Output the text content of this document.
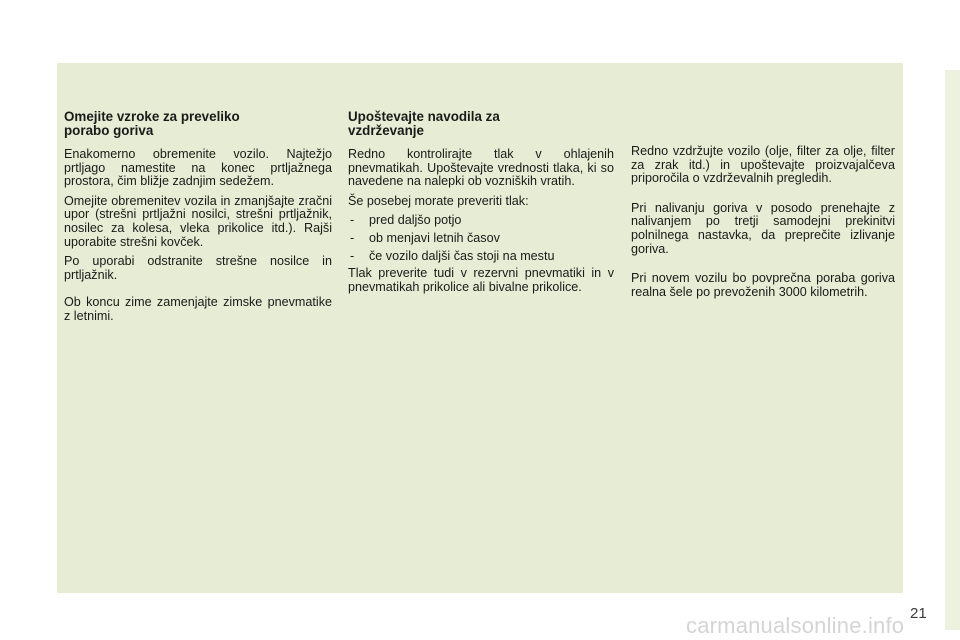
Omejite vzroke za preveliko
porabo goriva

Enakomerno obremenite vozilo. Najtežjo prtljago namestite na konec prtljažnega prostora, čim bližje zadnjim sedežem.

Omejite obremenitev vozila in zmanjšajte zračni upor (strešni prtljažni nosilci, strešni prtljažnik, nosilec za kolesa, vleka prikolice itd.). Rajši uporabite strešni kovček.

Po uporabi odstranite strešne nosilce in prtljažnik.

Ob koncu zime zamenjajte zimske pnevmatike z letnimi.

Upoštevajte navodila za
vzdrževanje

Redno kontrolirajte tlak v ohlajenih pnevmatikah. Upoštevajte vrednosti tlaka, ki so navedene na nalepki ob vozniških vratih.

Še posebej morate preveriti tlak:

- pred daljšo potjo
- ob menjavi letnih časov
- če vozilo daljši čas stoji na mestu

Tlak preverite tudi v rezervni pnevmatiki in v pnevmatikah prikolice ali bivalne prikolice.

Redno vzdržujte vozilo (olje, filter za olje, filter za zrak itd.) in upoštevajte proizvajalčeva priporočila o vzdrževalnih pregledih.

Pri nalivanju goriva v posodo prenehajte z nalivanjem po tretji samodejni prekinitvi polnilnega nastavka, da preprečite izlivanje goriva.

Pri novem vozilu bo povprečna poraba goriva realna šele po prevoženih 3000 kilometrih.

21
carmanualsonline.info
